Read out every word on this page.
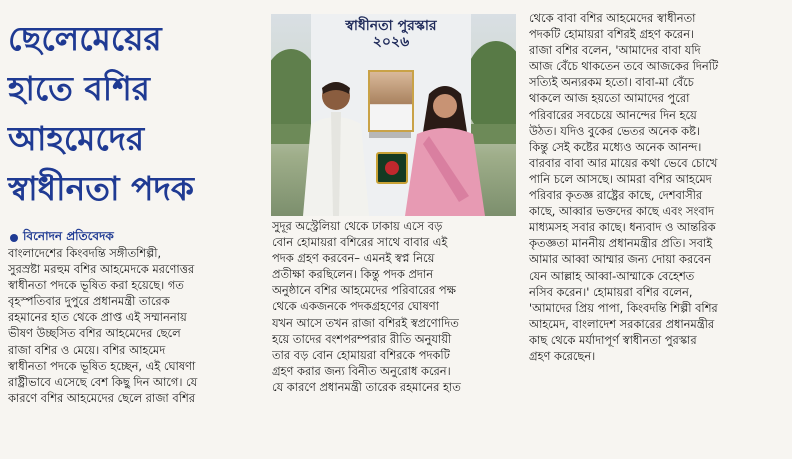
ছেলেমেয়ের
হাতে বশির
আহমেদের
স্বাধীনতা পদক
বিনোদন প্রতিবেদক
স্বাধীনতা পুরস্কার
২০২৬

বাংলাদেশের কিংবদন্তি সঙ্গীতশিল্পী,

সুরস্রষ্টা মরহুম বশির আহমেদকে মরণোত্তর

স্বাধীনতা পদকে ভূষিত করা হয়েছে। গত

বৃহস্পতিবার দুপুরে প্রধানমন্ত্রী তারেক

রহমানের হাত থেকে প্রাপ্ত এই সম্মাননায়

ভীষণ উচ্ছসিত বশির আহমেদের ছেলে

রাজা বশির ও মেয়ে। বশির আহমেদ

স্বাধীনতা পদকে ভূষিত হচ্ছেন, এই ঘোষণা

রাষ্ট্রীভাবে এসেছে বেশ কিছু দিন আগে। যে

কারণে বশির আহমেদের ছেলে রাজা বশির

সুদূর অস্ট্রেলিয়া থেকে ঢাকায় এসে বড়

বোন হোমায়রা বশিরের সাথে বাবার এই

পদক গ্রহণ করবেন– এমনই স্বপ্ন নিয়ে

প্রতীক্ষা করছিলেন। কিন্তু পদক প্রদান

অনুষ্ঠানে বশির আহমেদের পরিবারের পক্ষ

থেকে একজনকে পদকগ্রহণের ঘোষণা

যখন আসে তখন রাজা বশিরই স্বপ্রণোদিত

হয়ে তাদের বংশপরম্পরার রীতি অনুযায়ী

তার বড় বোন হোমায়রা বশিরকে পদকটি

গ্রহণ করার জন্য বিনীত অনুরোধ করেন।

যে কারণে প্রধানমন্ত্রী তারেক রহমানের হাত

থেকে বাবা বশির আহমেদের স্বাধীনতা

পদকটি হোমায়রা বশিরই গ্রহণ করেন।

রাজা বশির বলেন, 'আমাদের বাবা যদি

আজ বেঁচে থাকতেন তবে আজকের দিনটি

সত্যিই অন্যরকম হতো। বাবা-মা বেঁচে

থাকলে আজ হয়তো আমাদের পুরো

পরিবারের সবচেয়ে আনন্দের দিন হয়ে

উঠত। যদিও বুকের ভেতর অনেক কষ্ট।

কিন্তু সেই কষ্টের মধ্যেও অনেক আনন্দ।

বারবার বাবা আর মায়ের কথা ভেবে চোখে

পানি চলে আসছে। আমরা বশির আহমেদ

পরিবার কৃতজ্ঞ রাষ্ট্রের কাছে, দেশবাসীর

কাছে, আব্বার ভক্তদের কাছে এবং সংবাদ

মাধ্যমসহ সবার কাছে। ধন্যবাদ ও আন্তরিক

কৃতজ্ঞতা মাননীয় প্রধানমন্ত্রীর প্রতি। সবাই

আমার আব্বা আম্মার জন্য দোয়া করবেন

যেন আল্লাহ আব্বা-আম্মাকে বেহেশত

নসিব করেন।' হোমায়রা বশির বলেন,

'আমাদের প্রিয় পাপা, কিংবদন্তি শিল্পী বশির

আহমেদ, বাংলাদেশ সরকারের প্রধানমন্ত্রীর

কাছ থেকে মর্যাদাপূর্ণ স্বাধীনতা পুরস্কার

গ্রহণ করেছেন।
